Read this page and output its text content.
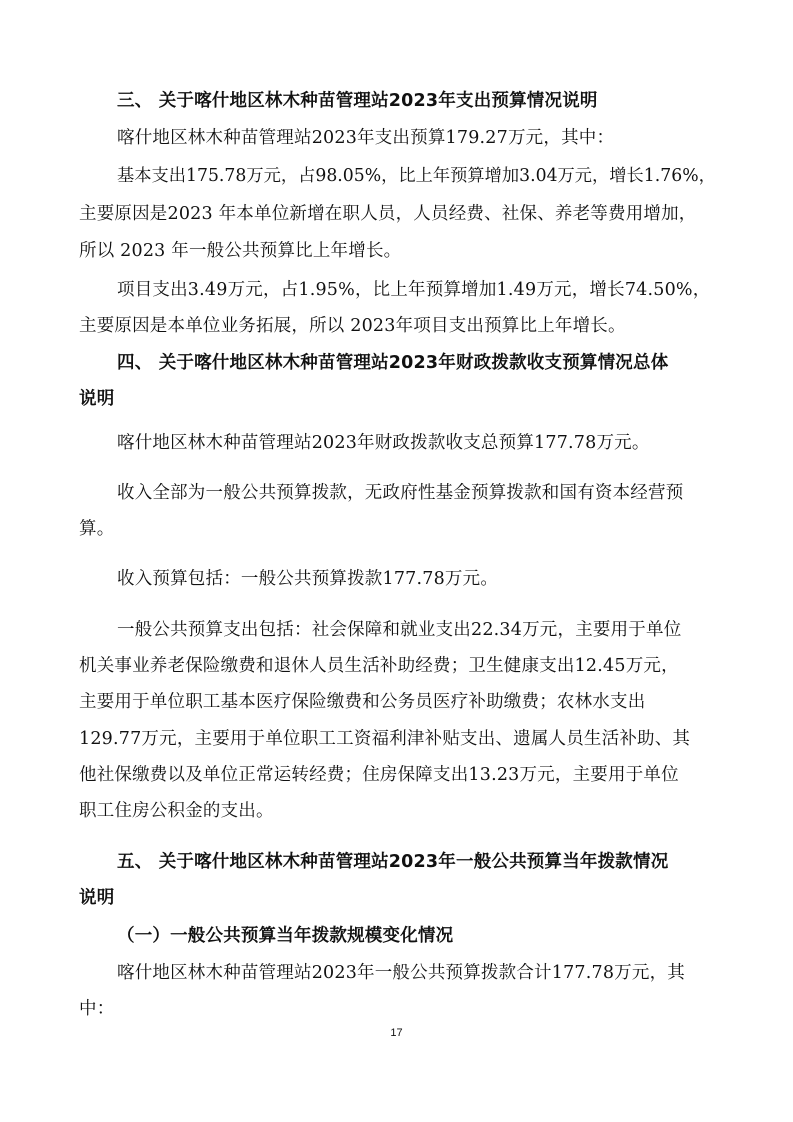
三、 关于喀什地区林木种苗管理站2023年支出预算情况说明
喀什地区林木种苗管理站2023年支出预算179.27万元，其中：
基本支出175.78万元，占98.05%，比上年预算增加3.04万元，增长1.76%，
主要原因是2023 年本单位新增在职人员，人员经费、社保、养老等费用增加，
所以 2023 年一般公共预算比上年增长。
项目支出3.49万元，占1.95%，比上年预算增加1.49万元，增长74.50%，
主要原因是本单位业务拓展，所以 2023年项目支出预算比上年增长。
四、 关于喀什地区林木种苗管理站2023年财政拨款收支预算情况总体
说明
喀什地区林木种苗管理站2023年财政拨款收支总预算177.78万元。
收入全部为一般公共预算拨款，无政府性基金预算拨款和国有资本经营预
算。
收入预算包括：一般公共预算拨款177.78万元。
一般公共预算支出包括：社会保障和就业支出22.34万元，主要用于单位
机关事业养老保险缴费和退休人员生活补助经费；卫生健康支出12.45万元，
主要用于单位职工基本医疗保险缴费和公务员医疗补助缴费；农林水支出
129.77万元，主要用于单位职工工资福利津补贴支出、遗属人员生活补助、其
他社保缴费以及单位正常运转经费；住房保障支出13.23万元，主要用于单位
职工住房公积金的支出。
五、 关于喀什地区林木种苗管理站2023年一般公共预算当年拨款情况
说明
（一）一般公共预算当年拨款规模变化情况
喀什地区林木种苗管理站2023年一般公共预算拨款合计177.78万元，其
中：
17
